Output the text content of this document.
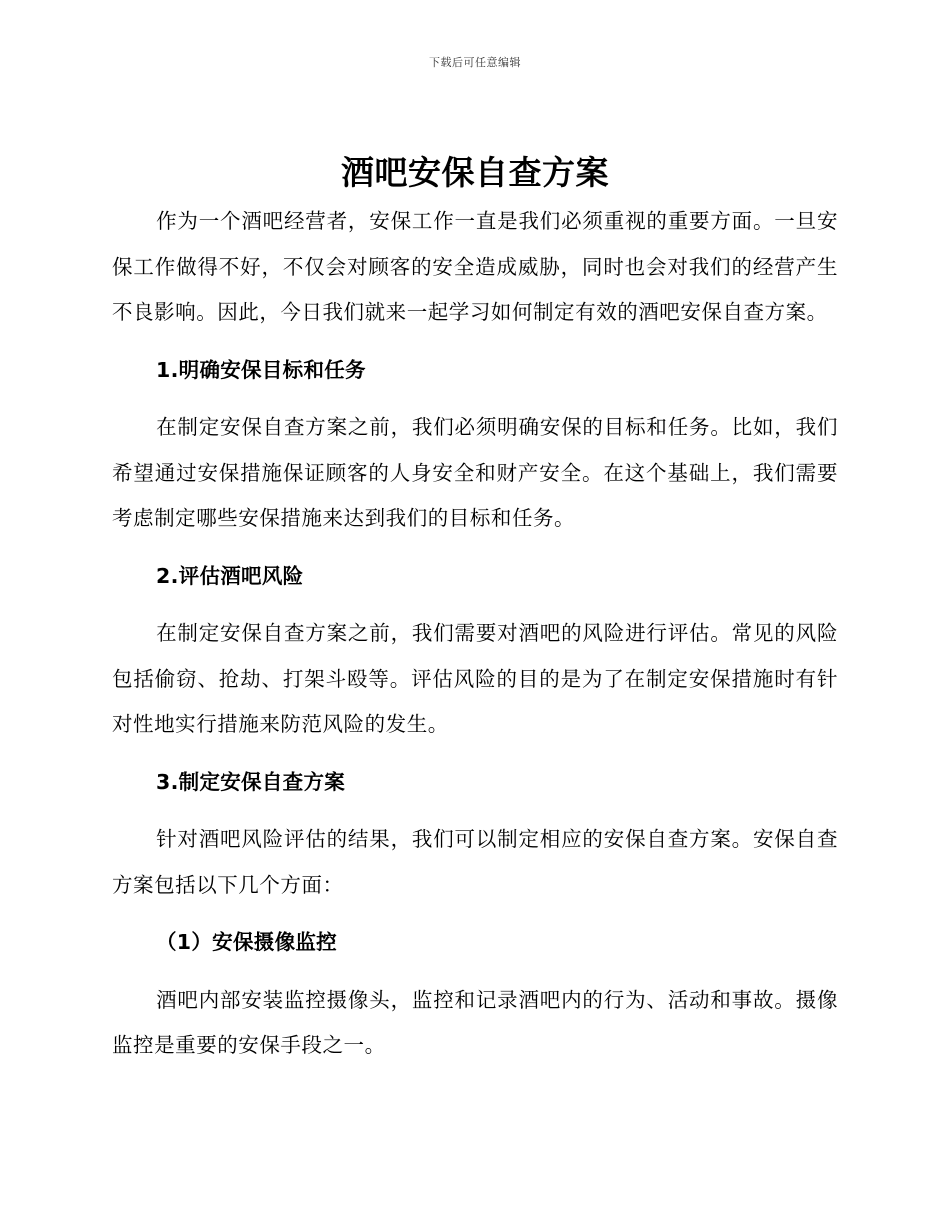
下载后可任意编辑
酒吧安保自查方案

作为一个酒吧经营者，安保工作一直是我们必须重视的重要方面。一旦安保工作做得不好，不仅会对顾客的安全造成威胁，同时也会对我们的经营产生不良影响。因此，今日我们就来一起学习如何制定有效的酒吧安保自查方案。

1.明确安保目标和任务

在制定安保自查方案之前，我们必须明确安保的目标和任务。比如，我们希望通过安保措施保证顾客的人身安全和财产安全。在这个基础上，我们需要考虑制定哪些安保措施来达到我们的目标和任务。

2.评估酒吧风险

在制定安保自查方案之前，我们需要对酒吧的风险进行评估。常见的风险包括偷窃、抢劫、打架斗殴等。评估风险的目的是为了在制定安保措施时有针对性地实行措施来防范风险的发生。

3.制定安保自查方案

针对酒吧风险评估的结果，我们可以制定相应的安保自查方案。安保自查方案包括以下几个方面：

（1）安保摄像监控

酒吧内部安装监控摄像头，监控和记录酒吧内的行为、活动和事故。摄像监控是重要的安保手段之一。
